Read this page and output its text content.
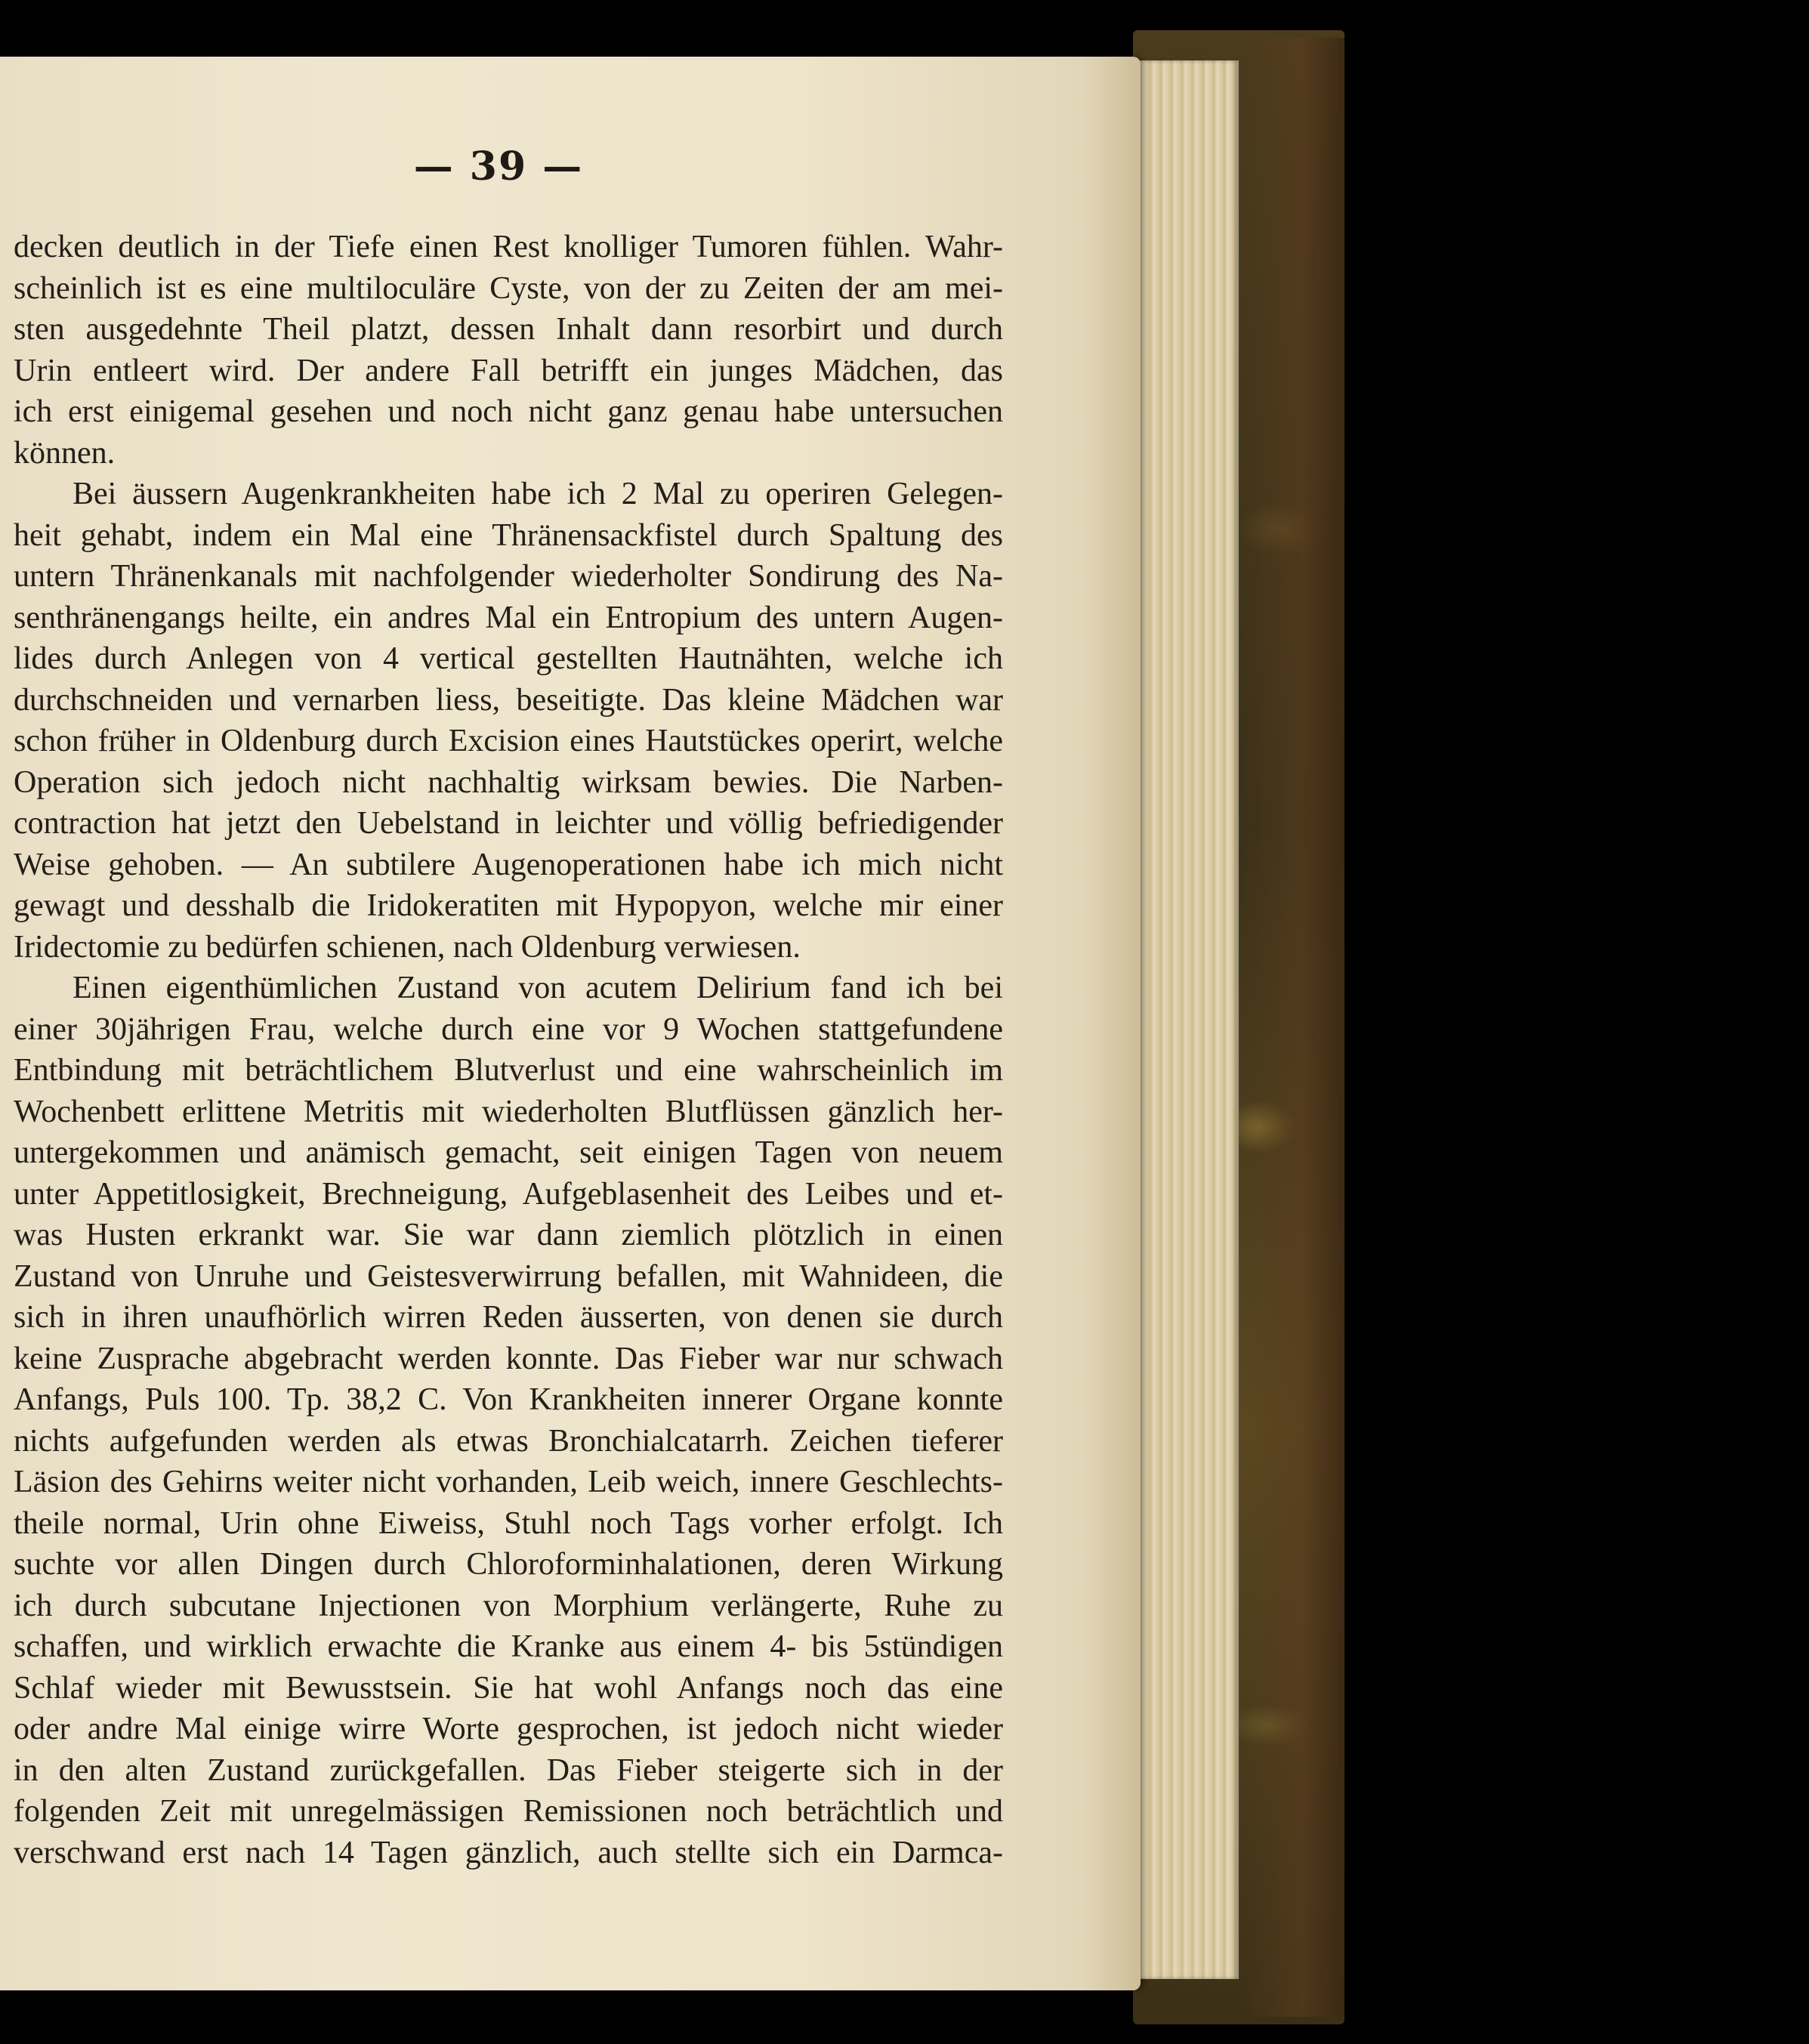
— 39 —
decken deutlich in der Tiefe einen Rest knolliger Tumoren fühlen. Wahr-
scheinlich ist es eine multiloculäre Cyste, von der zu Zeiten der am mei-
sten ausgedehnte Theil platzt, dessen Inhalt dann resorbirt und durch
Urin entleert wird. Der andere Fall betrifft ein junges Mädchen, das
ich erst einigemal gesehen und noch nicht ganz genau habe untersuchen
können.
Bei äussern Augenkrankheiten habe ich 2 Mal zu operiren Gelegen-
heit gehabt, indem ein Mal eine Thränensackfistel durch Spaltung des
untern Thränenkanals mit nachfolgender wiederholter Sondirung des Na-
senthränengangs heilte, ein andres Mal ein Entropium des untern Augen-
lides durch Anlegen von 4 vertical gestellten Hautnähten, welche ich
durchschneiden und vernarben liess, beseitigte. Das kleine Mädchen war
schon früher in Oldenburg durch Excision eines Hautstückes operirt, welche
Operation sich jedoch nicht nachhaltig wirksam bewies. Die Narben-
contraction hat jetzt den Uebelstand in leichter und völlig befriedigender
Weise gehoben. — An subtilere Augenoperationen habe ich mich nicht
gewagt und desshalb die Iridokeratiten mit Hypopyon, welche mir einer
Iridectomie zu bedürfen schienen, nach Oldenburg verwiesen.
Einen eigenthümlichen Zustand von acutem Delirium fand ich bei
einer 30jährigen Frau, welche durch eine vor 9 Wochen stattgefundene
Entbindung mit beträchtlichem Blutverlust und eine wahrscheinlich im
Wochenbett erlittene Metritis mit wiederholten Blutflüssen gänzlich her-
untergekommen und anämisch gemacht, seit einigen Tagen von neuem
unter Appetitlosigkeit, Brechneigung, Aufgeblasenheit des Leibes und et-
was Husten erkrankt war. Sie war dann ziemlich plötzlich in einen
Zustand von Unruhe und Geistesverwirrung befallen, mit Wahnideen, die
sich in ihren unaufhörlich wirren Reden äusserten, von denen sie durch
keine Zusprache abgebracht werden konnte. Das Fieber war nur schwach
Anfangs, Puls 100. Tp. 38,2 C. Von Krankheiten innerer Organe konnte
nichts aufgefunden werden als etwas Bronchialcatarrh. Zeichen tieferer
Läsion des Gehirns weiter nicht vorhanden, Leib weich, innere Geschlechts-
theile normal, Urin ohne Eiweiss, Stuhl noch Tags vorher erfolgt. Ich
suchte vor allen Dingen durch Chloroforminhalationen, deren Wirkung
ich durch subcutane Injectionen von Morphium verlängerte, Ruhe zu
schaffen, und wirklich erwachte die Kranke aus einem 4- bis 5stündigen
Schlaf wieder mit Bewusstsein. Sie hat wohl Anfangs noch das eine
oder andre Mal einige wirre Worte gesprochen, ist jedoch nicht wieder
in den alten Zustand zurückgefallen. Das Fieber steigerte sich in der
folgenden Zeit mit unregelmässigen Remissionen noch beträchtlich und
verschwand erst nach 14 Tagen gänzlich, auch stellte sich ein Darmca-
